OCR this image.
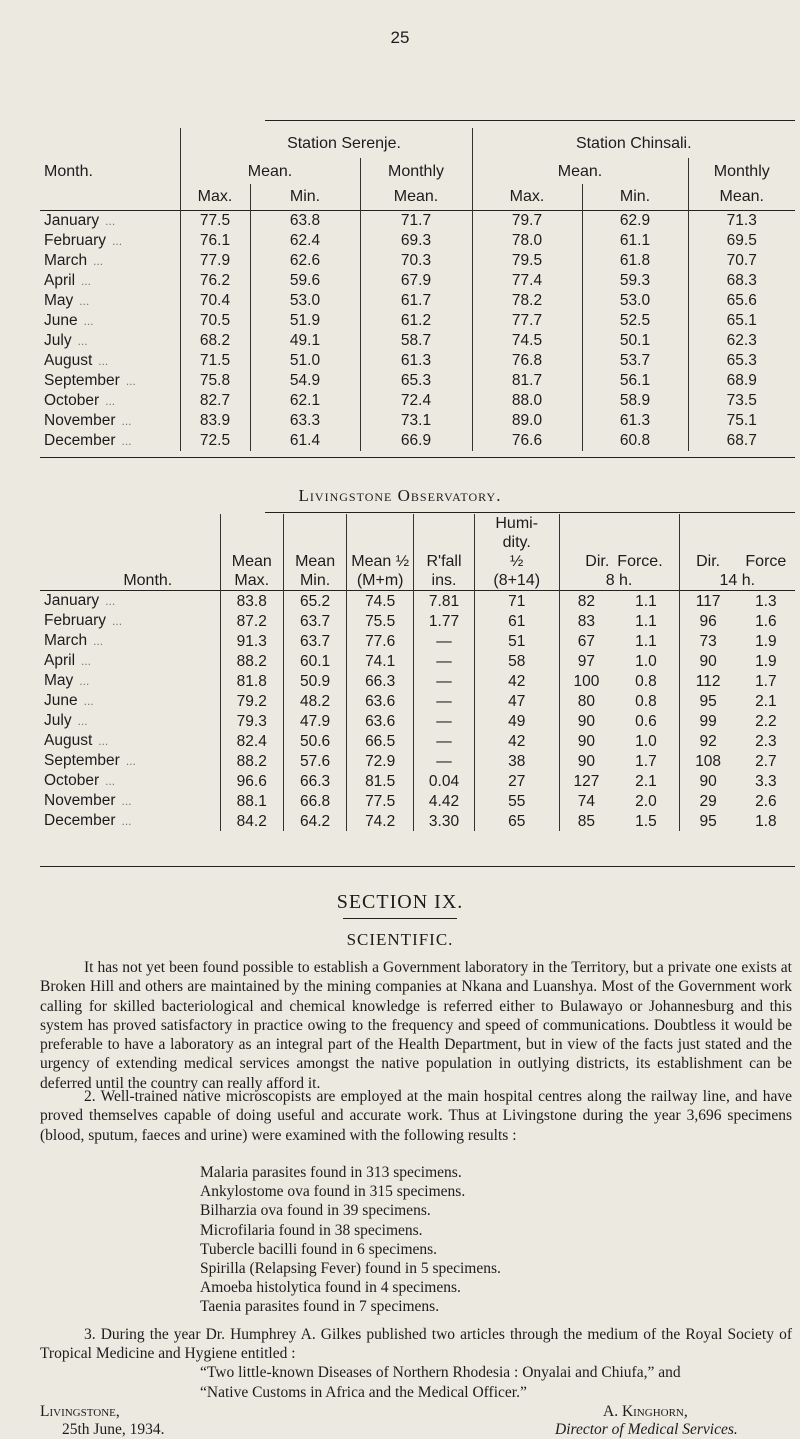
25
	Station Serenje.			Station Chinsali.		
Month.	Mean.		Monthly	Mean.		Monthly
	Max.	Min.	Mean.	Max.	Min.	Mean.
January ...	77.5	63.8	71.7	79.7	62.9	71.3
February ...	76.1	62.4	69.3	78.0	61.1	69.5
March ...	77.9	62.6	70.3	79.5	61.8	70.7
April ...	76.2	59.6	67.9	77.4	59.3	68.3
May ...	70.4	53.0	61.7	78.2	53.0	65.6
June ...	70.5	51.9	61.2	77.7	52.5	65.1
July ...	68.2	49.1	58.7	74.5	50.1	62.3
August ...	71.5	51.0	61.3	76.8	53.7	65.3
September ...	75.8	54.9	65.3	81.7	56.1	68.9
October ...	82.7	62.1	72.4	88.0	58.9	73.5
November ...	83.9	63.3	73.1	89.0	61.3	75.1
December ...	72.5	61.4	66.9	76.6	60.8	68.7
Livingstone Observatory.
					Humi-				
					dity.				
	Mean	Mean	Mean ½	R'fall	½	Dir.	Force.	Dir.	Force
Month.	Max.	Min.	(M+m)	ins.	(8+14)	8 h.		14 h.	
January ...	83.8	65.2	74.5	7.81	71	82	1.1	117	1.3
February ...	87.2	63.7	75.5	1.77	61	83	1.1	96	1.6
March ...	91.3	63.7	77.6	—	51	67	1.1	73	1.9
April ...	88.2	60.1	74.1	—	58	97	1.0	90	1.9
May ...	81.8	50.9	66.3	—	42	100	0.8	112	1.7
June ...	79.2	48.2	63.6	—	47	80	0.8	95	2.1
July ...	79.3	47.9	63.6	—	49	90	0.6	99	2.2
August ...	82.4	50.6	66.5	—	42	90	1.0	92	2.3
September ...	88.2	57.6	72.9	—	38	90	1.7	108	2.7
October ...	96.6	66.3	81.5	0.04	27	127	2.1	90	3.3
November ...	88.1	66.8	77.5	4.42	55	74	2.0	29	2.6
December ...	84.2	64.2	74.2	3.30	65	85	1.5	95	1.8
SECTION IX.
SCIENTIFIC.
It has not yet been found possible to establish a Government laboratory in the Territory, but a private one exists at Broken Hill and others are maintained by the mining companies at Nkana and Luanshya. Most of the Government work calling for skilled bacteriological and chemical knowledge is referred either to Bulawayo or Johannesburg and this system has proved satisfactory in practice owing to the frequency and speed of communications. Doubtless it would be preferable to have a laboratory as an integral part of the Health Department, but in view of the facts just stated and the urgency of extending medical services amongst the native population in outlying districts, its establishment can be deferred until the country can really afford it.
2. Well-trained native microscopists are employed at the main hospital centres along the railway line, and have proved themselves capable of doing useful and accurate work. Thus at Livingstone during the year 3,696 specimens (blood, sputum, faeces and urine) were examined with the following results :
Malaria parasites found in 313 specimens.
Ankylostome ova found in 315 specimens.
Bilharzia ova found in 39 specimens.
Microfilaria found in 38 specimens.
Tubercle bacilli found in 6 specimens.
Spirilla (Relapsing Fever) found in 5 specimens.
Amoeba histolytica found in 4 specimens.
Taenia parasites found in 7 specimens.
3. During the year Dr. Humphrey A. Gilkes published two articles through the medium of the Royal Society of Tropical Medicine and Hygiene entitled :
“Two little-known Diseases of Northern Rhodesia : Onyalai and Chiufa,” and
“Native Customs in Africa and the Medical Officer.”
A. Kinghorn,
Livingstone,
Director of Medical Services.
25th June, 1934.
